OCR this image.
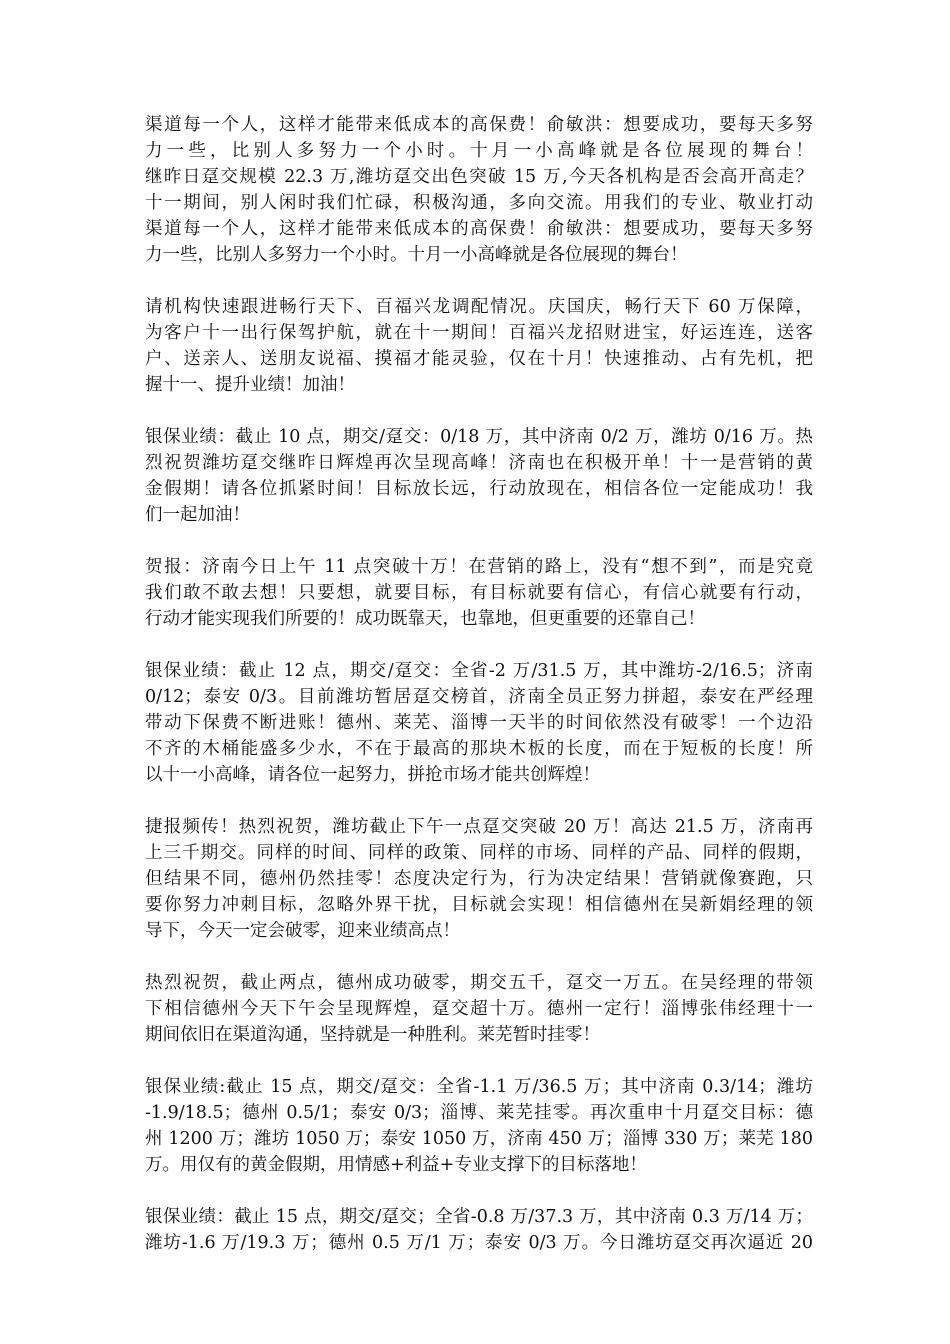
渠道每一个人，这样才能带来低成本的高保费！俞敏洪：想要成功，要每天多努
力一些，比别人多努力一个小时。十月一小高峰就是各位展现的舞台！
继昨日趸交规模 22.3 万,潍坊趸交出色突破 15 万,今天各机构是否会高开高走？
十一期间，别人闲时我们忙碌，积极沟通，多向交流。用我们的专业、敬业打动
渠道每一个人，这样才能带来低成本的高保费！俞敏洪：想要成功，要每天多努
力一些，比别人多努力一个小时。十月一小高峰就是各位展现的舞台！
请机构快速跟进畅行天下、百福兴龙调配情况。庆国庆，畅行天下 60 万保障，
为客户十一出行保驾护航，就在十一期间！百福兴龙招财进宝，好运连连，送客
户、送亲人、送朋友说福、摸福才能灵验，仅在十月！快速推动、占有先机，把
握十一、提升业绩！加油！
银保业绩：截止 10 点，期交/趸交：0/18 万，其中济南 0/2 万，潍坊 0/16 万。热
烈祝贺潍坊趸交继昨日辉煌再次呈现高峰！济南也在积极开单！十一是营销的黄
金假期！请各位抓紧时间！目标放长远，行动放现在，相信各位一定能成功！我
们一起加油！
贺报：济南今日上午 11 点突破十万！在营销的路上，没有“想不到”，而是究竟
我们敢不敢去想！只要想，就要目标，有目标就要有信心，有信心就要有行动，
行动才能实现我们所要的！成功既靠天，也靠地，但更重要的还靠自己！
银保业绩：截止 12 点，期交/趸交：全省-2 万/31.5 万，其中潍坊-2/16.5；济南
0/12；泰安 0/3。目前潍坊暂居趸交榜首，济南全员正努力拼超，泰安在严经理
带动下保费不断进账！德州、莱芜、淄博一天半的时间依然没有破零！一个边沿
不齐的木桶能盛多少水，不在于最高的那块木板的长度，而在于短板的长度！所
以十一小高峰，请各位一起努力，拼抢市场才能共创辉煌！
捷报频传！热烈祝贺，潍坊截止下午一点趸交突破 20 万！高达 21.5 万，济南再
上三千期交。同样的时间、同样的政策、同样的市场、同样的产品、同样的假期，
但结果不同，德州仍然挂零！态度决定行为，行为决定结果！营销就像赛跑，只
要你努力冲刺目标，忽略外界干扰，目标就会实现！相信德州在吴新娟经理的领
导下，今天一定会破零，迎来业绩高点！
热烈祝贺，截止两点，德州成功破零，期交五千，趸交一万五。在吴经理的带领
下相信德州今天下午会呈现辉煌，趸交超十万。德州一定行！淄博张伟经理十一
期间依旧在渠道沟通，坚持就是一种胜利。莱芜暂时挂零！
银保业绩:截止 15 点，期交/趸交：全省-1.1 万/36.5 万；其中济南 0.3/14；潍坊
-1.9/18.5；德州 0.5/1；泰安 0/3；淄博、莱芜挂零。再次重申十月趸交目标：德
州 1200 万；潍坊 1050 万；泰安 1050 万，济南 450 万；淄博 330 万；莱芜 180
万。用仅有的黄金假期，用情感+利益+专业支撑下的目标落地！
银保业绩：截止 15 点，期交/趸交；全省-0.8 万/37.3 万，其中济南 0.3 万/14 万；
潍坊-1.6 万/19.3 万；德州 0.5 万/1 万；泰安 0/3 万。今日潍坊趸交再次逼近 20
